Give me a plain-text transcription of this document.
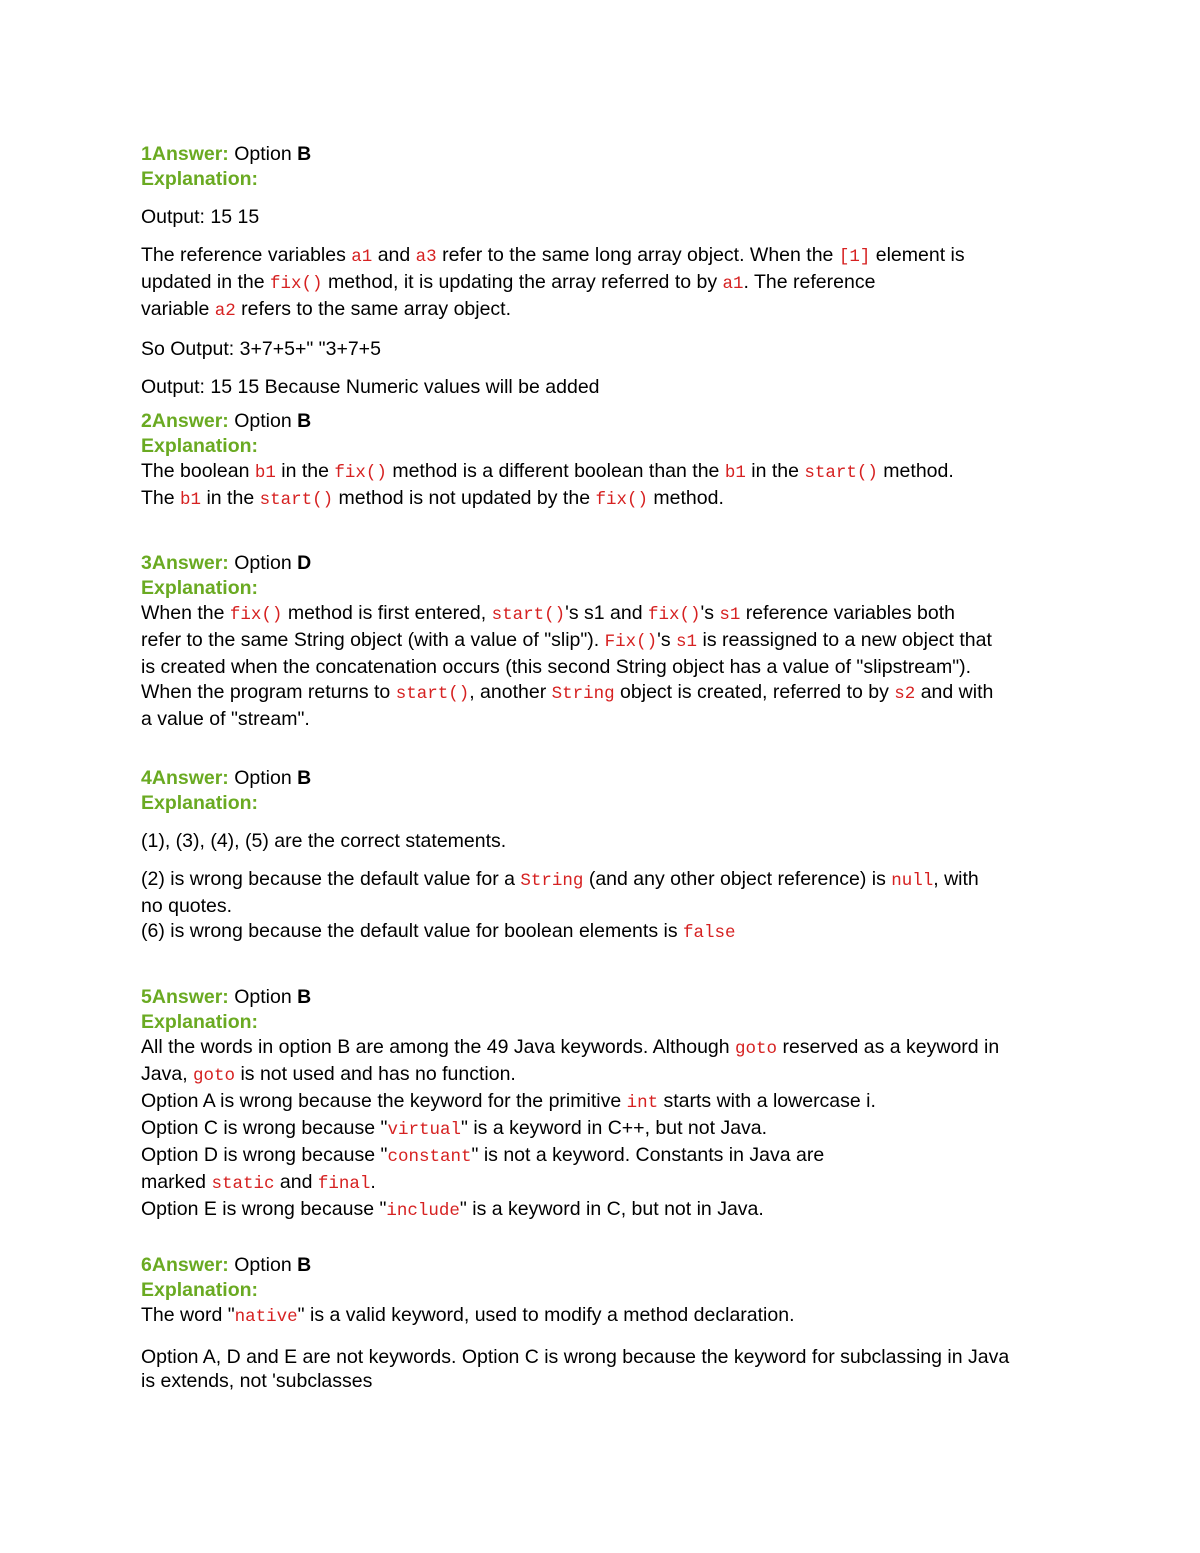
1Answer: Option B
Explanation:
Output: 15 15
The reference variables a1 and a3 refer to the same long array object. When the [1] element is
updated in the fix() method, it is updating the array referred to by a1. The reference
variable a2 refers to the same array object.
So Output: 3+7+5+" "3+7+5
Output: 15 15 Because Numeric values will be added
2Answer: Option B
Explanation:
The boolean b1 in the fix() method is a different boolean than the b1 in the start() method.
The b1 in the start() method is not updated by the fix() method.
3Answer: Option D
Explanation:
When the fix() method is first entered, start()'s s1 and fix()'s s1 reference variables both
refer to the same String object (with a value of "slip"). Fix()'s s1 is reassigned to a new object that
is created when the concatenation occurs (this second String object has a value of "slipstream").
When the program returns to start(), another String object is created, referred to by s2 and with
a value of "stream".
4Answer: Option B
Explanation:
(1), (3), (4), (5) are the correct statements.
(2) is wrong because the default value for a String (and any other object reference) is null, with
no quotes.
(6) is wrong because the default value for boolean elements is false
5Answer: Option B
Explanation:
All the words in option B are among the 49 Java keywords. Although goto reserved as a keyword in
Java, goto is not used and has no function.
Option A is wrong because the keyword for the primitive int starts with a lowercase i.
Option C is wrong because "virtual" is a keyword in C++, but not Java.
Option D is wrong because "constant" is not a keyword. Constants in Java are
marked static and final.
Option E is wrong because "include" is a keyword in C, but not in Java.
6Answer: Option B
Explanation:
The word "native" is a valid keyword, used to modify a method declaration.
Option A, D and E are not keywords. Option C is wrong because the keyword for subclassing in Java
is extends, not 'subclasses
